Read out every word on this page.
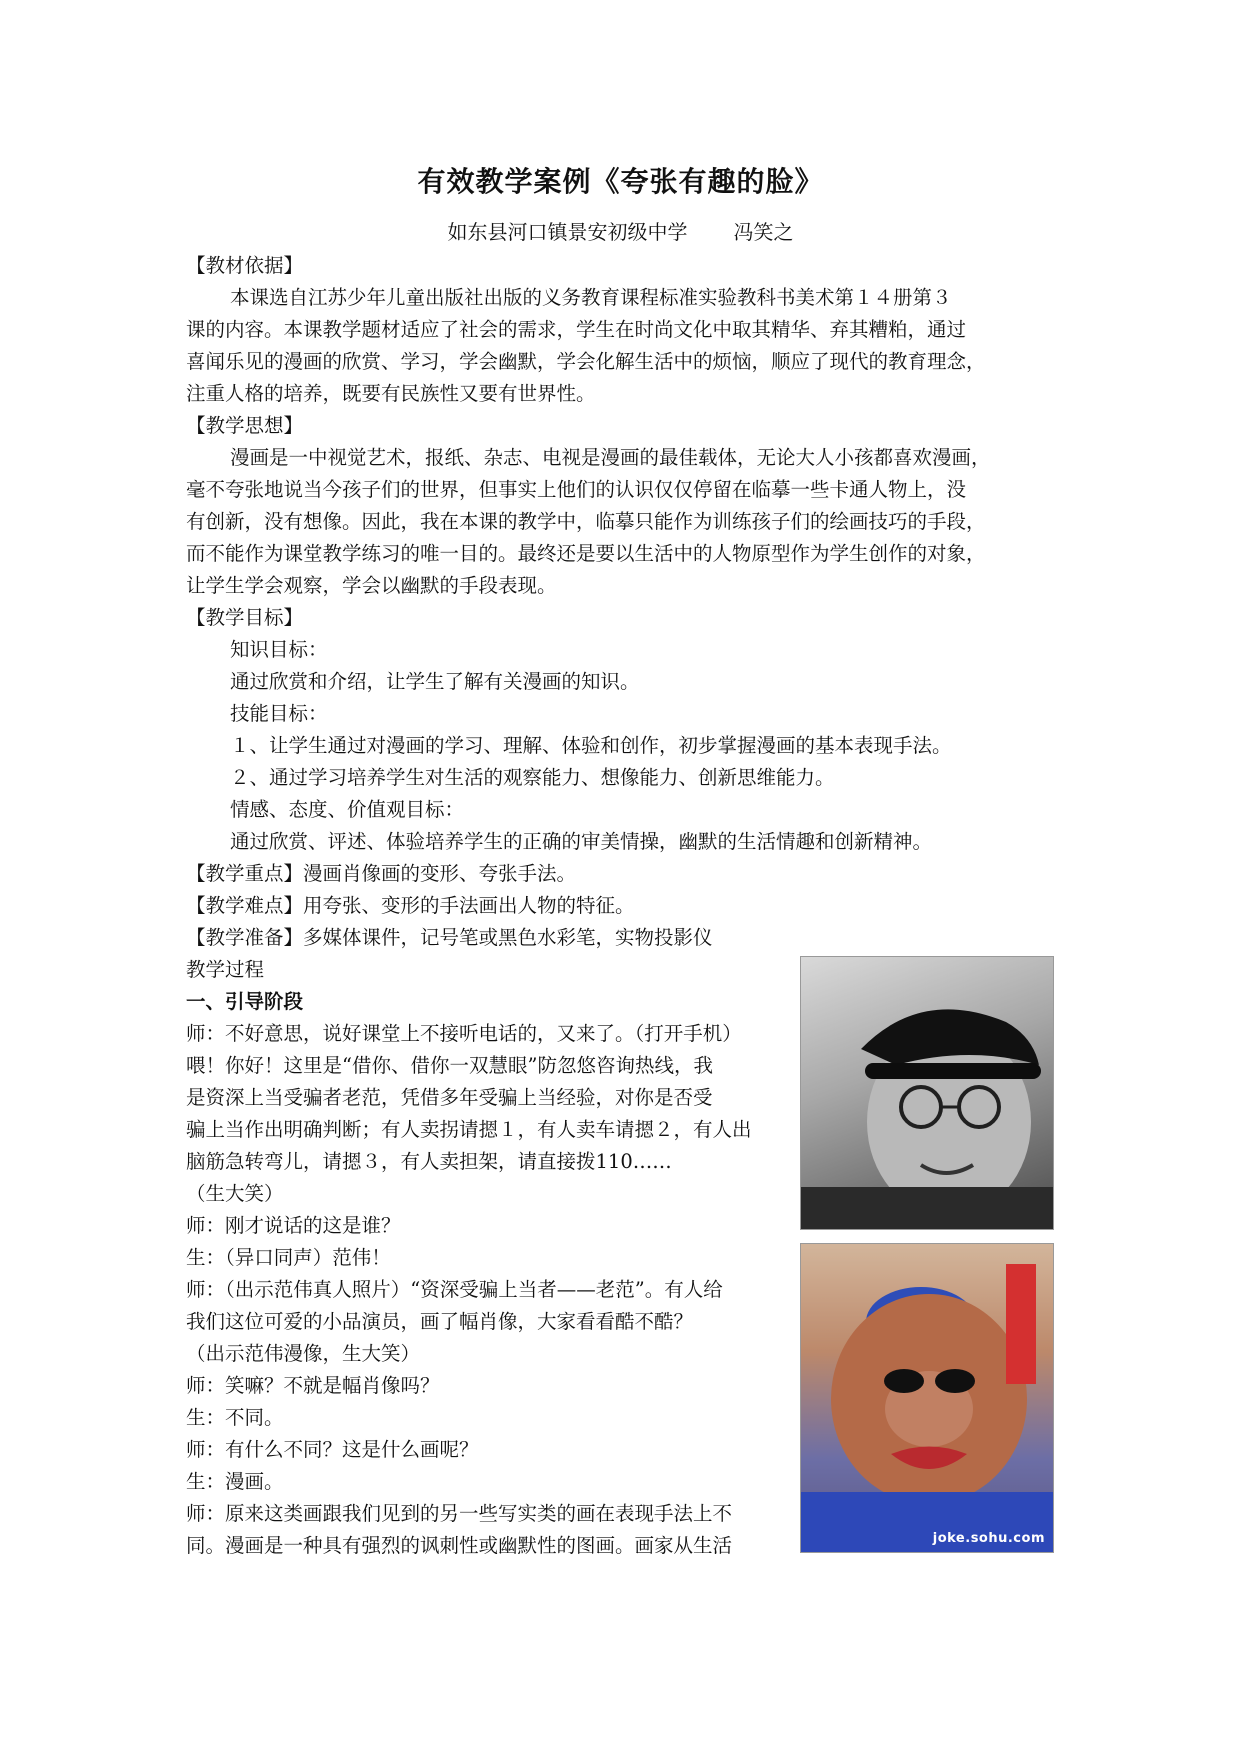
有效教学案例《夸张有趣的脸》
如东县河口镇景安初级中学 冯笑之
【教材依据】
本课选自江苏少年儿童出版社出版的义务教育课程标准实验教科书美术第１４册第３
课的内容。本课教学题材适应了社会的需求，学生在时尚文化中取其精华、弃其糟粕，通过
喜闻乐见的漫画的欣赏、学习，学会幽默，学会化解生活中的烦恼，顺应了现代的教育理念，
注重人格的培养，既要有民族性又要有世界性。
【教学思想】
漫画是一中视觉艺术，报纸、杂志、电视是漫画的最佳载体，无论大人小孩都喜欢漫画，
毫不夸张地说当今孩子们的世界，但事实上他们的认识仅仅停留在临摹一些卡通人物上，没
有创新，没有想像。因此，我在本课的教学中，临摹只能作为训练孩子们的绘画技巧的手段，
而不能作为课堂教学练习的唯一目的。最终还是要以生活中的人物原型作为学生创作的对象，
让学生学会观察，学会以幽默的手段表现。
【教学目标】
知识目标：
通过欣赏和介绍，让学生了解有关漫画的知识。
技能目标：
１、让学生通过对漫画的学习、理解、体验和创作，初步掌握漫画的基本表现手法。
２、通过学习培养学生对生活的观察能力、想像能力、创新思维能力。
情感、态度、价值观目标：
通过欣赏、评述、体验培养学生的正确的审美情操，幽默的生活情趣和创新精神。
【教学重点】漫画肖像画的变形、夸张手法。
【教学难点】用夸张、变形的手法画出人物的特征。
【教学准备】多媒体课件，记号笔或黑色水彩笔，实物投影仪
教学过程
一、引导阶段
师：不好意思，说好课堂上不接听电话的，又来了。（打开手机）
喂！你好！这里是“借你、借你一双慧眼”防忽悠咨询热线，我
是资深上当受骗者老范，凭借多年受骗上当经验，对你是否受
骗上当作出明确判断；有人卖拐请摁１，有人卖车请摁２，有人出
脑筋急转弯儿，请摁３，有人卖担架，请直接拨110……
（生大笑）
师：刚才说话的这是谁？
生：（异口同声）范伟！
师：（出示范伟真人照片）“资深受骗上当者——老范”。有人给
我们这位可爱的小品演员，画了幅肖像，大家看看酷不酷？
（出示范伟漫像，生大笑）
师：笑嘛？不就是幅肖像吗？
生：不同。
师：有什么不同？这是什么画呢？
生：漫画。
师：原来这类画跟我们见到的另一些写实类的画在表现手法上不
同。漫画是一种具有强烈的讽刺性或幽默性的图画。画家从生活	joke.sohu.com
